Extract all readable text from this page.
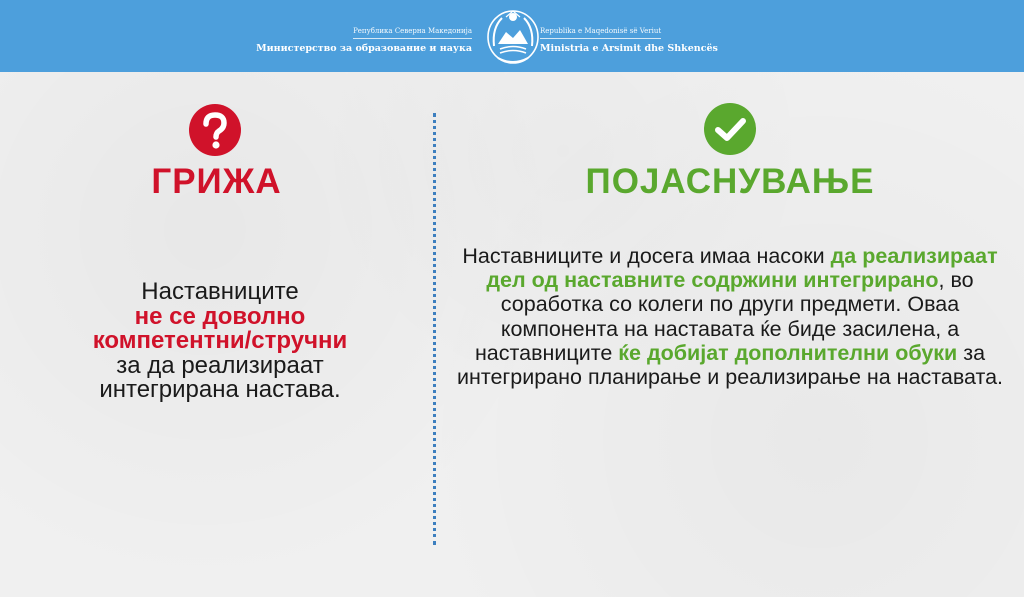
Република Северна Македонија
Министерство за образование и наука
Republika e Maqedonisë së Veriut
Ministria e Arsimit dhe Shkencës
ГРИЖА	ПОЈАСНУВАЊЕ
Наставниците
не се доволно
компетентни/стручни
за да реализираат
интегрирана настава.
Наставниците и досега имаа насоки да реализираат дел од наставните содржини интегрирано, во соработка со колеги по други предмети. Оваа компонента на наставата ќе биде засилена, а наставниците ќе добијат дополнителни обуки за интегрирано планирање и реализирање на наставата.
